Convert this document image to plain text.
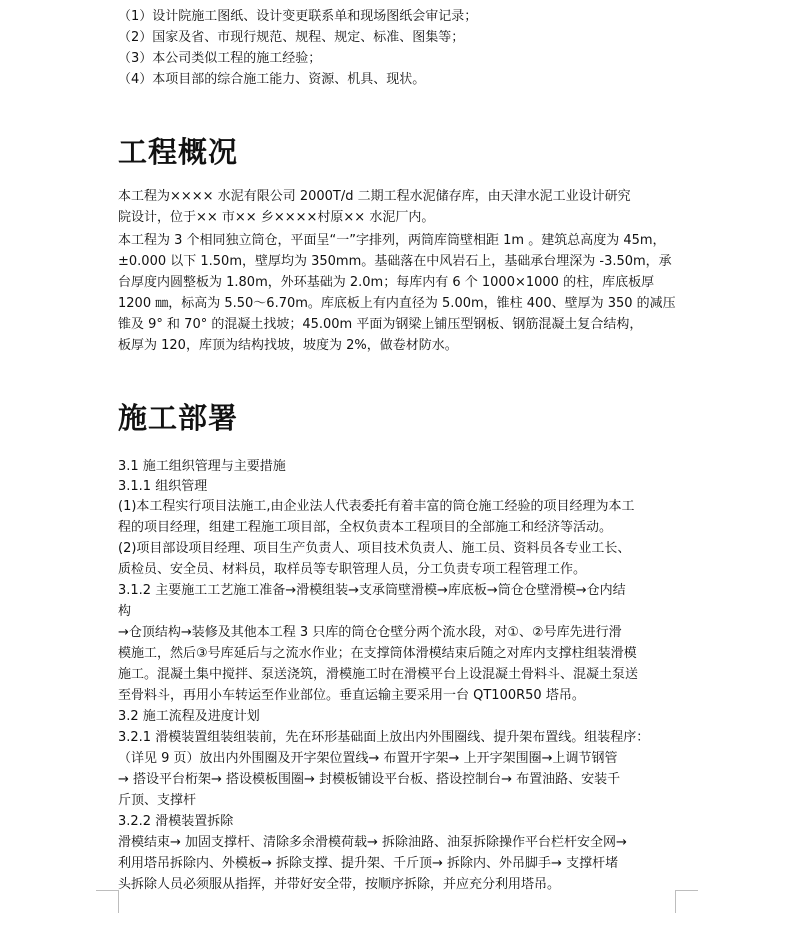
（1）设计院施工图纸、设计变更联系单和现场图纸会审记录；
（2）国家及省、市现行规范、规程、规定、标准、图集等；
（3）本公司类似工程的施工经验；
（4）本项目部的综合施工能力、资源、机具、现状。
工程概况
本工程为×××× 水泥有限公司 2000T/d 二期工程水泥储存库，由天津水泥工业设计研究
院设计，位于×× 市×× 乡××××村原×× 水泥厂内。
本工程为 3 个相同独立筒仓，平面呈“一”字排列，两筒库筒壁相距 1m 。建筑总高度为 45m，
±0.000 以下 1.50m，壁厚均为 350mm。基础落在中风岩石上，基础承台埋深为 -3.50m，承
台厚度内圆整板为 1.80m，外环基础为 2.0m；每库内有 6 个 1000×1000 的柱，库底板厚
1200 ㎜，标高为 5.50～6.70m。库底板上有内直径为 5.00m，锥柱 400、壁厚为 350 的减压
锥及 9° 和 70° 的混凝土找坡；45.00m 平面为钢梁上铺压型钢板、钢筋混凝土复合结构，
板厚为 120，库顶为结构找坡，坡度为 2%，做卷材防水。
施工部署
3.1 施工组织管理与主要措施
3.1.1 组织管理
(1)本工程实行项目法施工,由企业法人代表委托有着丰富的筒仓施工经验的项目经理为本工
程的项目经理，组建工程施工项目部，全权负责本工程项目的全部施工和经济等活动。
(2)项目部设项目经理、项目生产负责人、项目技术负责人、施工员、资料员各专业工长、
质检员、安全员、材料员，取样员等专职管理人员，分工负责专项工程管理工作。
3.1.2 主要施工工艺施工准备→滑模组装→支承筒壁滑模→库底板→筒仓仓壁滑模→仓内结
构
→仓顶结构→装修及其他本工程 3 只库的筒仓仓壁分两个流水段，对①、②号库先进行滑
模施工，然后③号库延后与之流水作业；在支撑筒体滑模结束后随之对库内支撑柱组装滑模
施工。混凝土集中搅拌、泵送浇筑，滑模施工时在滑模平台上设混凝土骨料斗、混凝土泵送
至骨料斗，再用小车转运至作业部位。垂直运输主要采用一台 QT100R50 塔吊。
3.2 施工流程及进度计划
3.2.1 滑模装置组装组装前，先在环形基础面上放出内外围圈线、提升架布置线。组装程序：
（详见 9 页）放出内外围圈及开字架位置线→ 布置开字架→ 上开字架围圈→上调节钢管
→ 搭设平台桁架→ 搭设模板围圈→ 封模板铺设平台板、搭设控制台→ 布置油路、安装千
斤顶、支撑杆
3.2.2 滑模装置拆除
滑模结束→ 加固支撑杆、清除多余滑模荷载→ 拆除油路、油泵拆除操作平台栏杆安全网→
利用塔吊拆除内、外模板→ 拆除支撑、提升架、千斤顶→ 拆除内、外吊脚手→ 支撑杆堵
头拆除人员必须服从指挥，并带好安全带，按顺序拆除，并应充分利用塔吊。
